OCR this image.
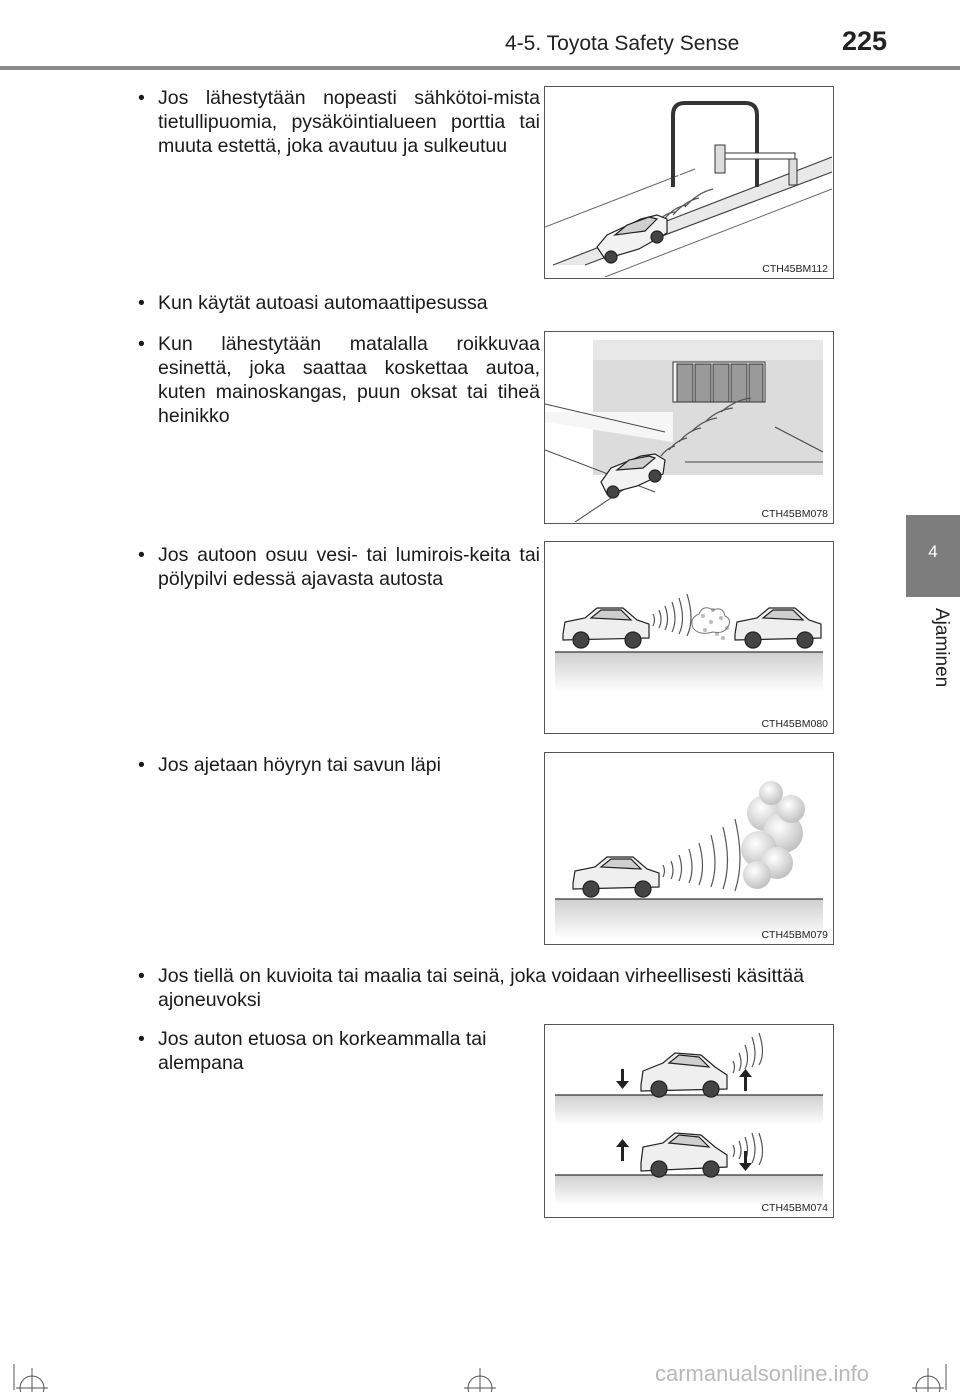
4-5. Toyota Safety Sense	225
4
Ajaminen
• Jos lähestytään nopeasti sähkötoi-mista tietullipuomia, pysäköintialueen porttia tai muuta estettä, joka avautuu ja sulkeutuu
• Kun käytät autoasi automaattipesussa
• Kun lähestytään matalalla roikkuvaa esinettä, joka saattaa koskettaa autoa, kuten mainoskangas, puun oksat tai tiheä heinikko
• Jos autoon osuu vesi- tai lumirois-keita tai pölypilvi edessä ajavasta autosta
• Jos ajetaan höyryn tai savun läpi
• Jos tiellä on kuvioita tai maalia tai seinä, joka voidaan virheellisesti käsittää ajoneuvoksi
• Jos auton etuosa on korkeammalla tai alempana
CTH45BM112
CTH45BM078
CTH45BM080
CTH45BM079
CTH45BM074
carmanualsonline.info
